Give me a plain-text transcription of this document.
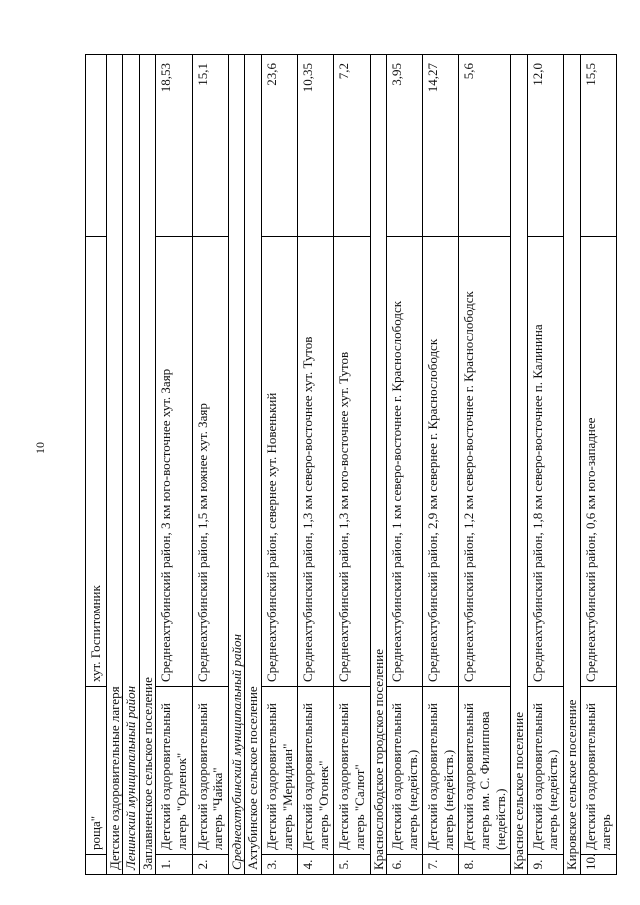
10
	роща"	хут. Госпитомник	
Детские оздоровительные лагеря			
Ленинский муниципальный район			
Заплавненское сельское поселение			
1.	Детский оздоровительный лагерь "Орленок"	Среднеахтубинский район, 3 км юго-восточнее хут. Заяр	18,53
2.	Детский оздоровительный лагерь "Чайка"	Среднеахтубинский район, 1,5 км южнее хут. Заяр	15,1
Среднеахтубинский муниципальный район			
Ахтубинское сельское поселение			
3.	Детский оздоровительный лагерь "Меридиан"	Среднеахтубинский район, севернее хут. Новенький	23,6
4.	Детский оздоровительный лагерь "Огонек"	Среднеахтубинский район, 1,3 км северо-восточнее хут. Тутов	10,35
5.	Детский оздоровительный лагерь "Салют"	Среднеахтубинский район, 1,3 км юго-восточнее хут. Тутов	7,2
Краснослободское городское поселение			
6.	Детский оздоровительный лагерь (недейств.)	Среднеахтубинский район, 1 км северо-восточнее г. Краснослободск	3,95
7.	Детский оздоровительный лагерь (недейств.)	Среднеахтубинский район, 2,9 км севернее г. Краснослободск	14,27
8.	Детский оздоровительный лагерь им. С. Филиппова (недейств.)	Среднеахтубинский район, 1,2 км северо-восточнее г. Краснослободск	5,6
Красное сельское поселение			
9.	Детский оздоровительный лагерь (недейств.)	Среднеахтубинский район, 1,8 км северо-восточнее п. Калинина	12,0
Кировское сельское поселение			
10.	Детский оздоровительный лагерь	Среднеахтубинский район, 0,6 км юго-западнее	15,5
